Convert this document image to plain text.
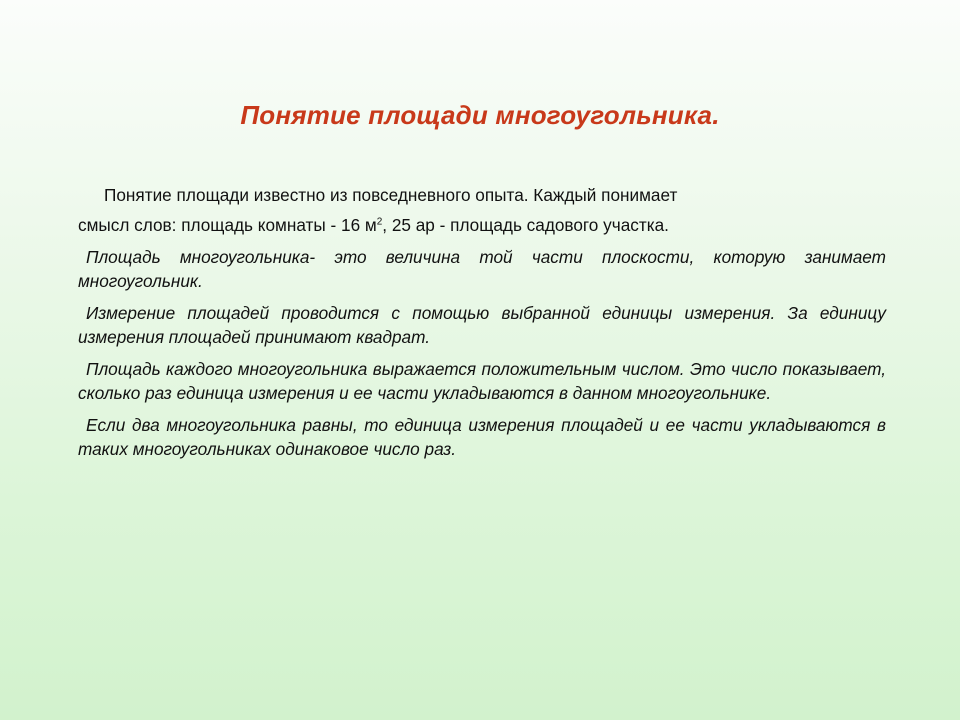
Понятие площади многоугольника.

Понятие площади известно из повседневного опыта. Каждый понимает
смысл слов: площадь комнаты - 16 $м^2$, 25 ар - площадь садового участка.

Площадь многоугольника- это величина той части плоскости, которую занимает многоугольник.

Измерение площадей проводится с помощью выбранной единицы измерения. За единицу измерения площадей принимают квадрат.

Площадь каждого многоугольника выражается положительным числом. Это число показывает, сколько раз единица измерения и ее части укладываются в данном многоугольнике.

Если два многоугольника равны, то единица измерения площадей и ее части укладываются в таких многоугольниках одинаковое число раз.
